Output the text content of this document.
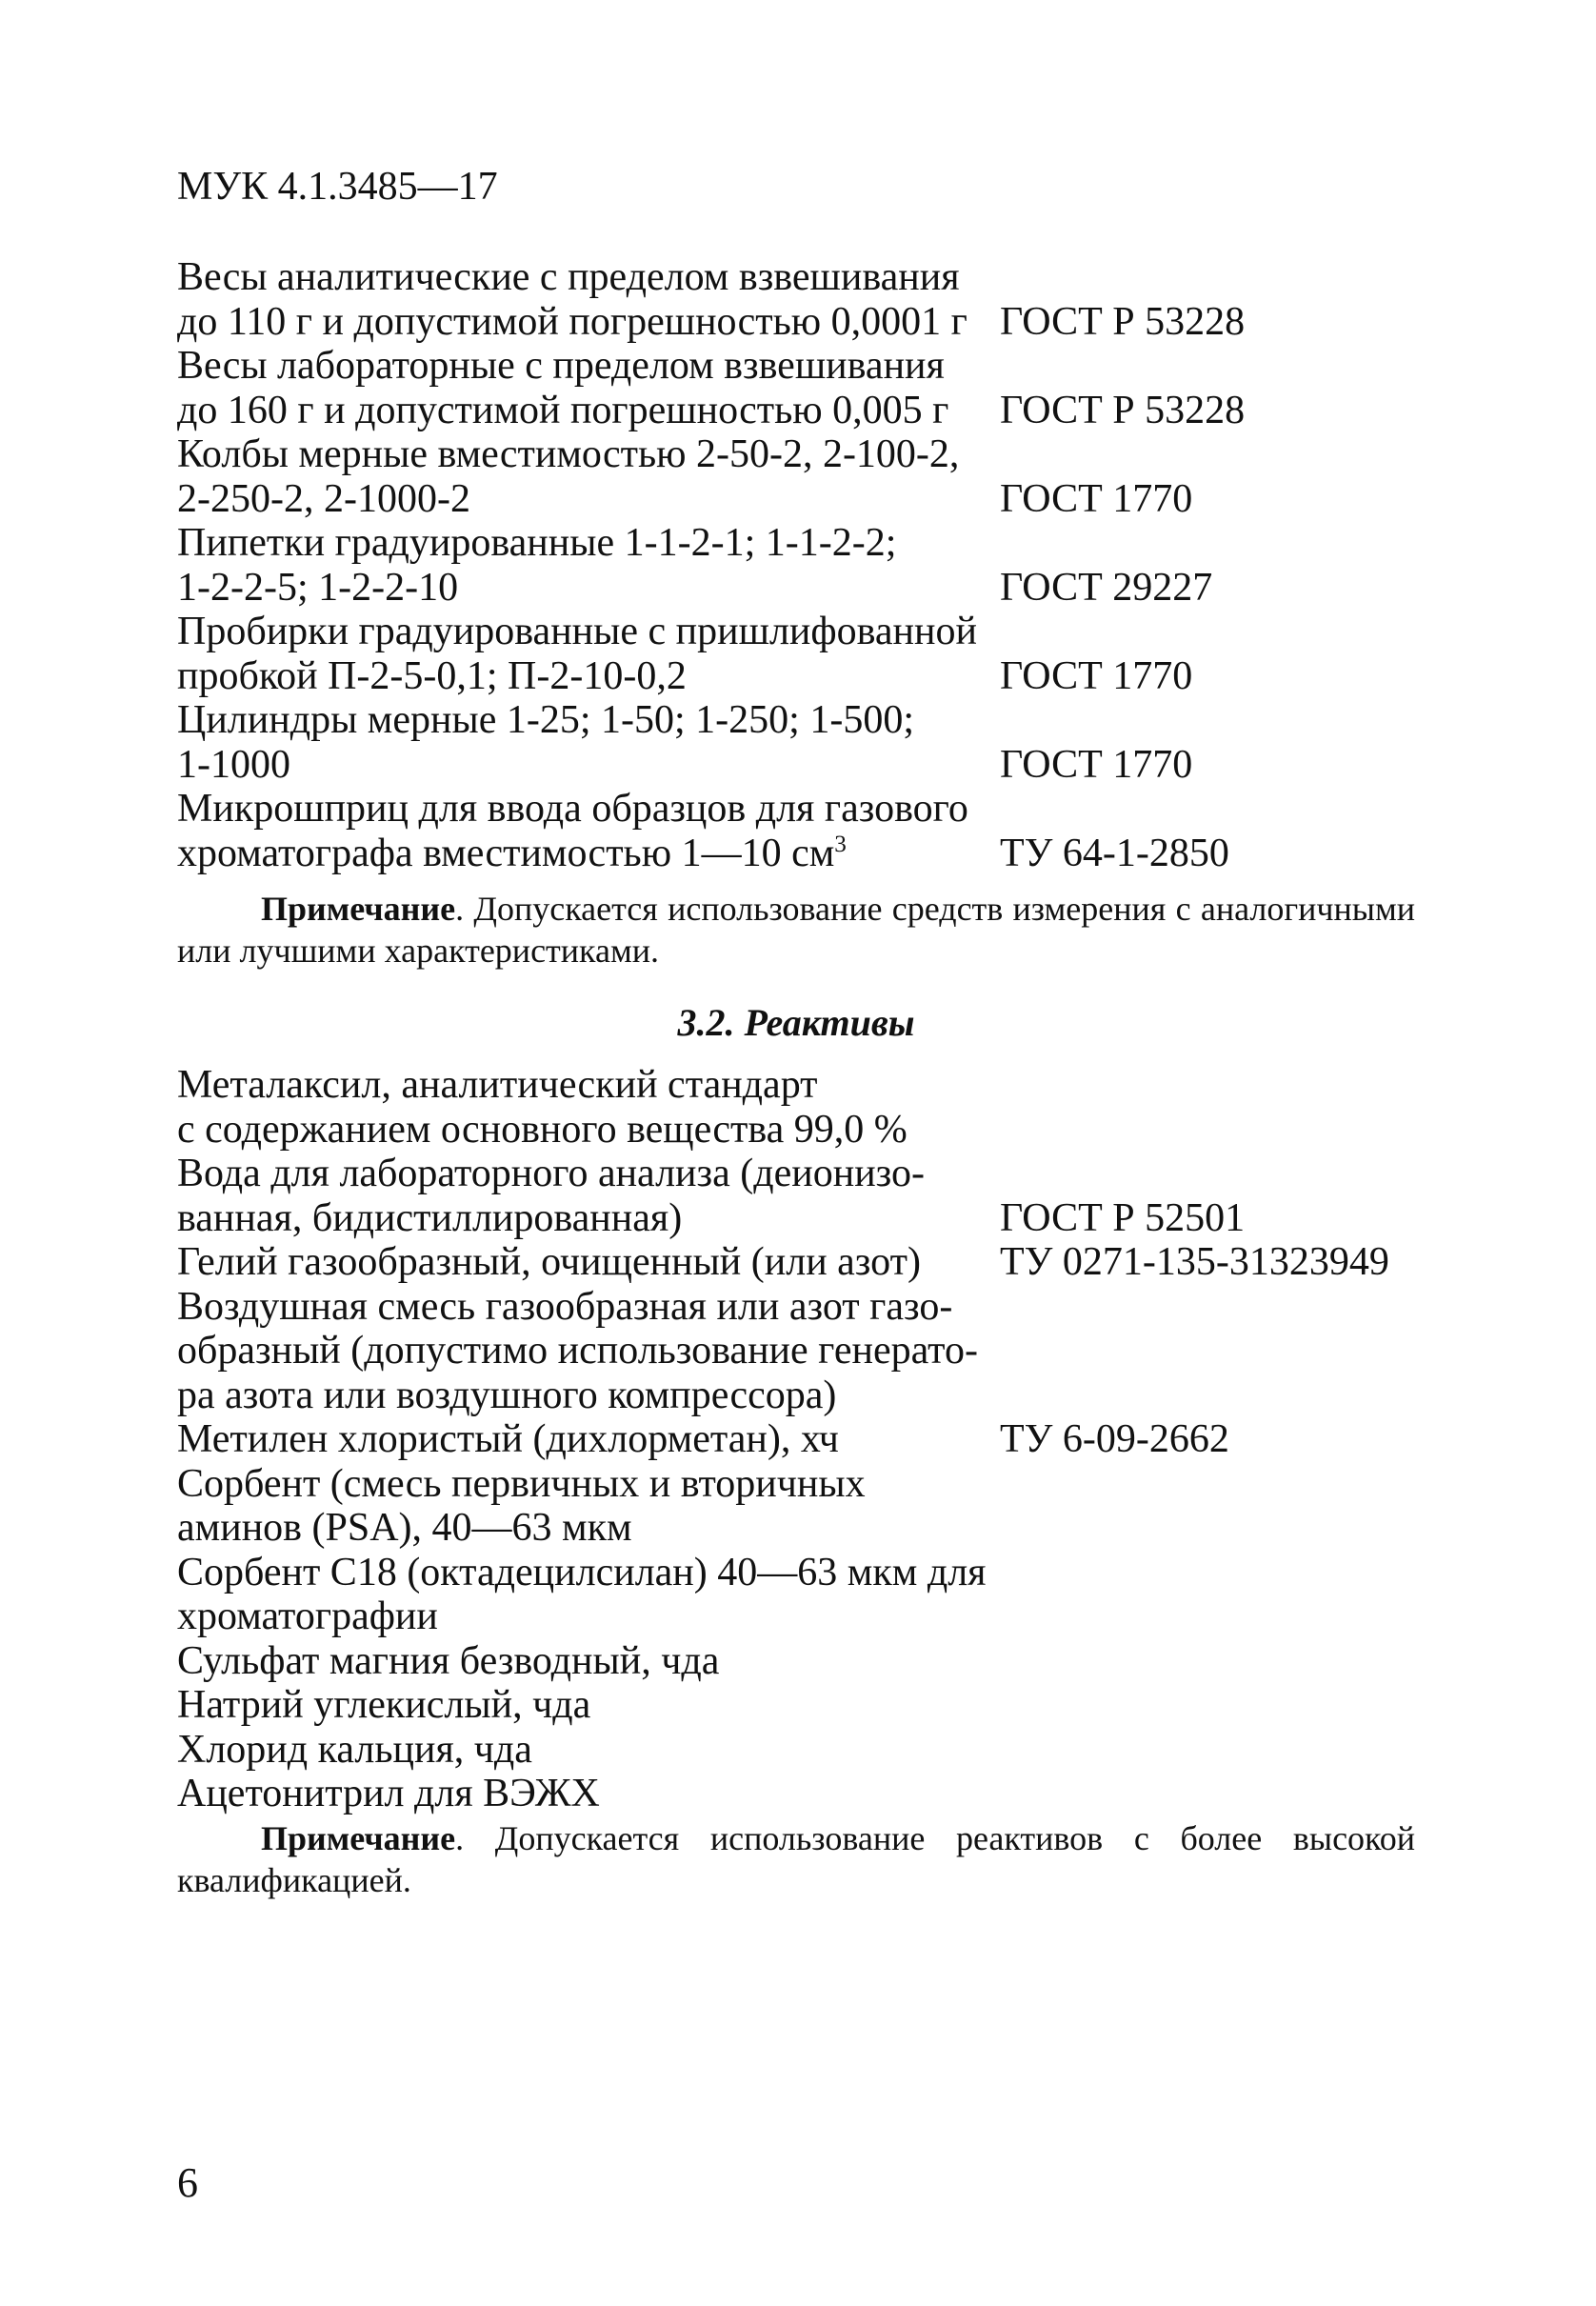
МУК 4.1.3485—17
Весы аналитические с пределом взвешивания
до 110 г и допустимой погрешностью 0,0001 г ГОСТ Р 53228
Весы лабораторные с пределом взвешивания
до 160 г и допустимой погрешностью 0,005 г	ГОСТ Р 53228
Колбы мерные вместимостью 2-50-2, 2-100-2,
2-250-2, 2-1000-2	ГОСТ 1770
Пипетки градуированные 1-1-2-1; 1-1-2-2;
1-2-2-5; 1-2-2-10	ГОСТ 29227
Пробирки градуированные с пришлифованной
пробкой П-2-5-0,1; П-2-10-0,2	ГОСТ 1770
Цилиндры мерные 1-25; 1-50; 1-250; 1-500;
1-1000	ГОСТ 1770
Микрошприц для ввода образцов для газового
хроматографа вместимостью 1—10 $см^3$	ТУ 64-1-2850
Примечание. Допускается использование средств измерения с аналогичными или лучшими характеристиками.
3.2. Реактивы
Металаксил, аналитический стандарт
с содержанием основного вещества 99,0 %
Вода для лабораторного анализа (деионизо-
ванная, бидистиллированная)	ГОСТ Р 52501
Гелий газообразный, очищенный (или азот)	ТУ 0271-135-31323949
Воздушная смесь газообразная или азот газо-
образный (допустимо использование генерато-
ра азота или воздушного компрессора)
Метилен хлористый (дихлорметан), хч	ТУ 6-09-2662
Сорбент (смесь первичных и вторичных
аминов (PSA), 40—63 мкм
Сорбент С18 (октадецилсилан) 40—63 мкм для
хроматографии
Сульфат магния безводный, чда
Натрий углекислый, чда
Хлорид кальция, чда
Ацетонитрил для ВЭЖХ
Примечание. Допускается использование реактивов с более высокой квалификацией.
6
